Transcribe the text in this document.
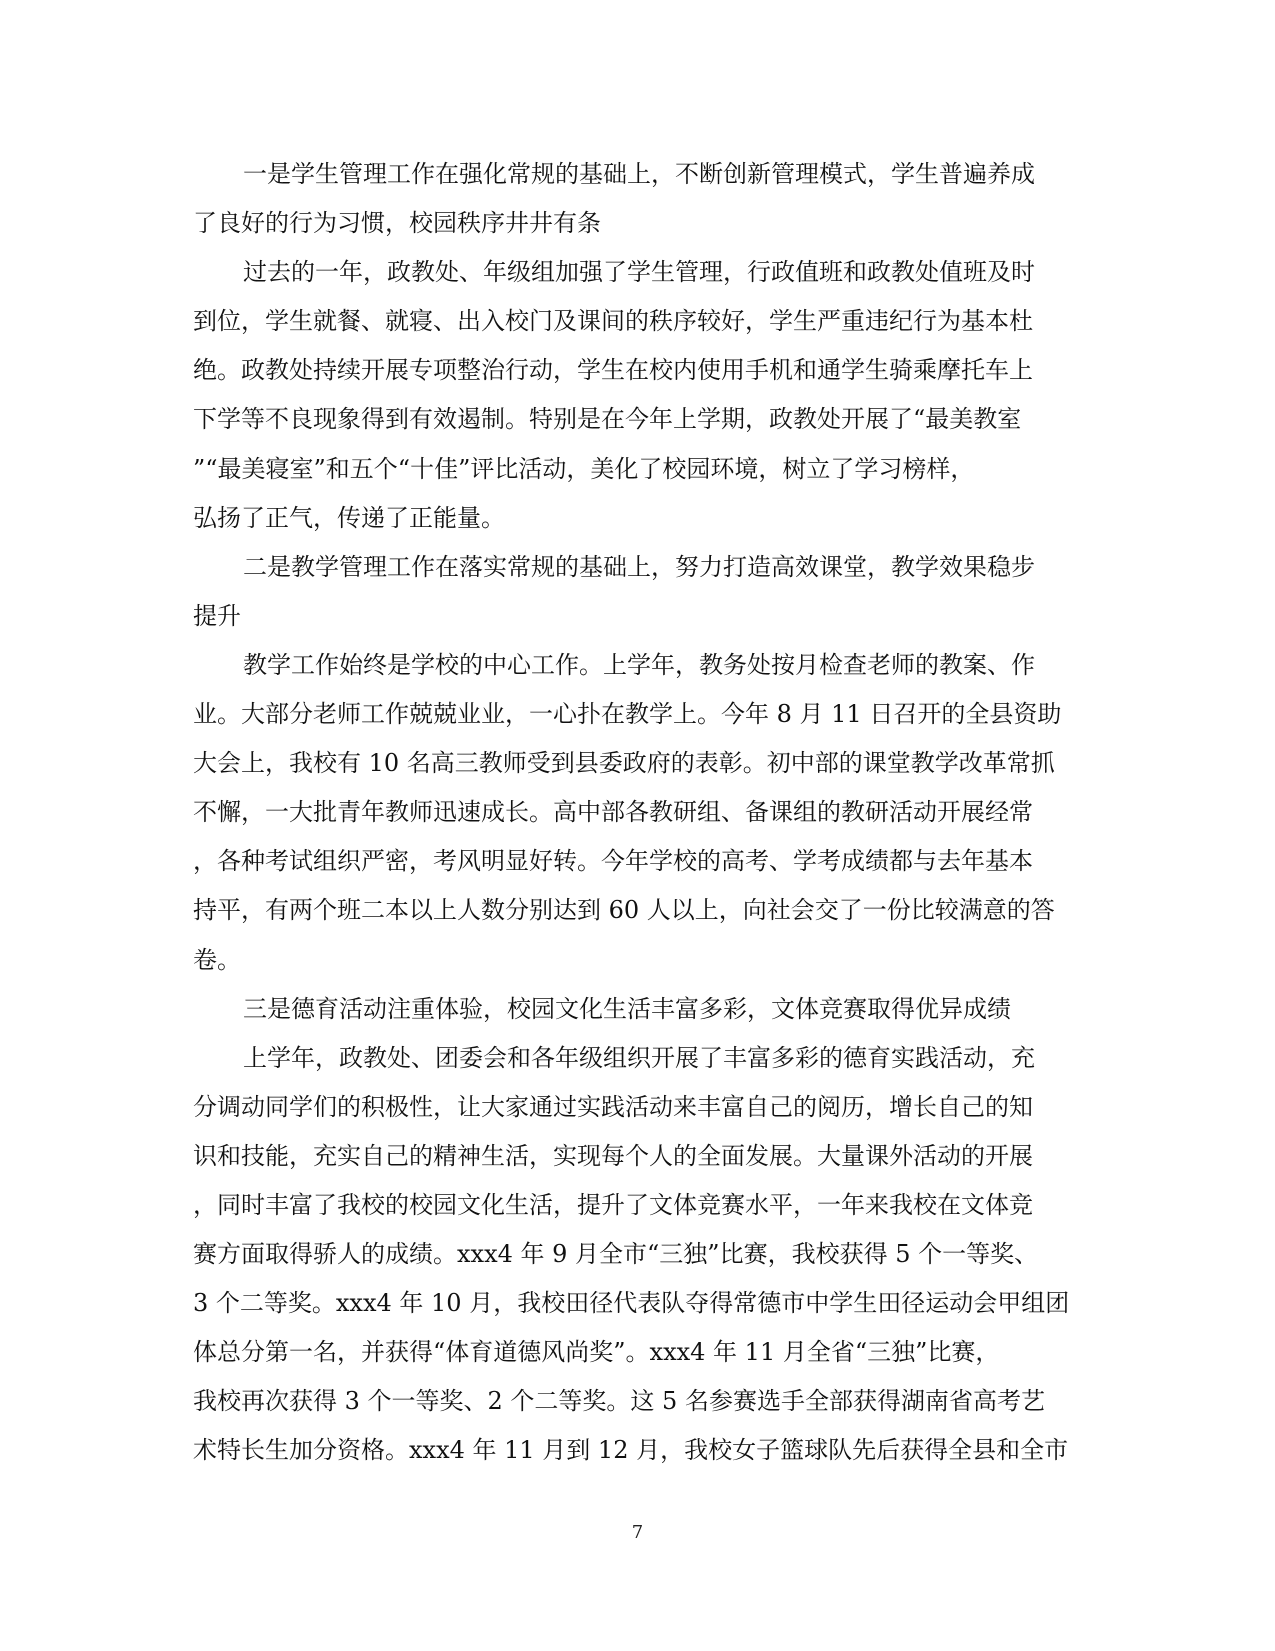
一是学生管理工作在强化常规的基础上，不断创新管理模式，学生普遍养成
了良好的行为习惯，校园秩序井井有条
过去的一年，政教处、年级组加强了学生管理，行政值班和政教处值班及时
到位，学生就餐、就寝、出入校门及课间的秩序较好，学生严重违纪行为基本杜
绝。政教处持续开展专项整治行动，学生在校内使用手机和通学生骑乘摩托车上
下学等不良现象得到有效遏制。特别是在今年上学期，政教处开展了“最美教室
”“最美寝室”和五个“十佳”评比活动，美化了校园环境，树立了学习榜样，
弘扬了正气，传递了正能量。
二是教学管理工作在落实常规的基础上，努力打造高效课堂，教学效果稳步
提升
教学工作始终是学校的中心工作。上学年，教务处按月检查老师的教案、作
业。大部分老师工作兢兢业业，一心扑在教学上。今年 8 月 11 日召开的全县资助
大会上，我校有 10 名高三教师受到县委政府的表彰。初中部的课堂教学改革常抓
不懈，一大批青年教师迅速成长。高中部各教研组、备课组的教研活动开展经常
，各种考试组织严密，考风明显好转。今年学校的高考、学考成绩都与去年基本
持平，有两个班二本以上人数分别达到 60 人以上，向社会交了一份比较满意的答
卷。
三是德育活动注重体验，校园文化生活丰富多彩，文体竞赛取得优异成绩
上学年，政教处、团委会和各年级组织开展了丰富多彩的德育实践活动，充
分调动同学们的积极性，让大家通过实践活动来丰富自己的阅历，增长自己的知
识和技能，充实自己的精神生活，实现每个人的全面发展。大量课外活动的开展
，同时丰富了我校的校园文化生活，提升了文体竞赛水平，一年来我校在文体竞
赛方面取得骄人的成绩。xxx4 年 9 月全市“三独”比赛，我校获得 5 个一等奖、
3 个二等奖。xxx4 年 10 月，我校田径代表队夺得常德市中学生田径运动会甲组团
体总分第一名，并获得“体育道德风尚奖”。xxx4 年 11 月全省“三独”比赛，
我校再次获得 3 个一等奖、2 个二等奖。这 5 名参赛选手全部获得湖南省高考艺
术特长生加分资格。xxx4 年 11 月到 12 月，我校女子篮球队先后获得全县和全市
7
